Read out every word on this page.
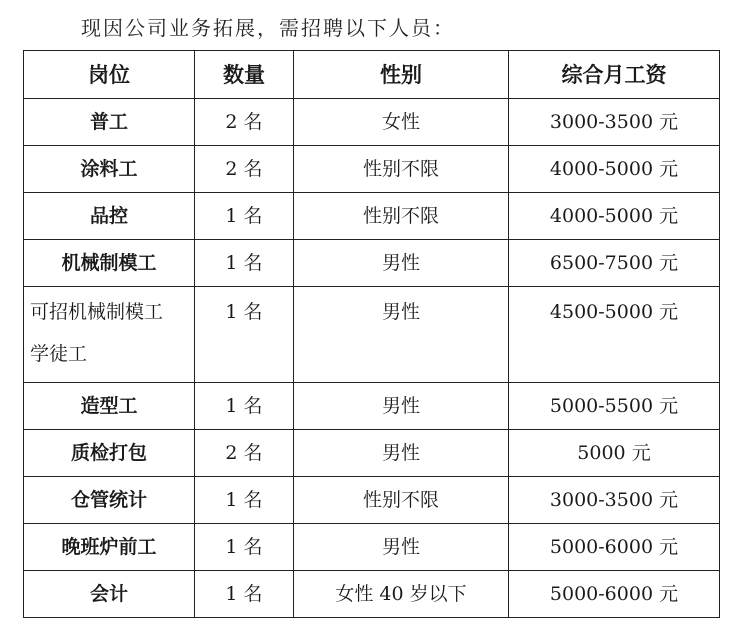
现因公司业务拓展，需招聘以下人员：
岗位	数量	性别	综合月工资
普工	2 名	女性	3000-3500 元
涂料工	2 名	性别不限	4000-5000 元
品控	1 名	性别不限	4000-5000 元
机械制模工	1 名	男性	6500-7500 元

可招机械制模工
学徒工	1 名	男性	4500-5000 元
造型工	1 名	男性	5000-5500 元
质检打包	2 名	男性	5000 元
仓管统计	1 名	性别不限	3000-3500 元
晚班炉前工	1 名	男性	5000-6000 元
会计	1 名	女性 40 岁以下	5000-6000 元
